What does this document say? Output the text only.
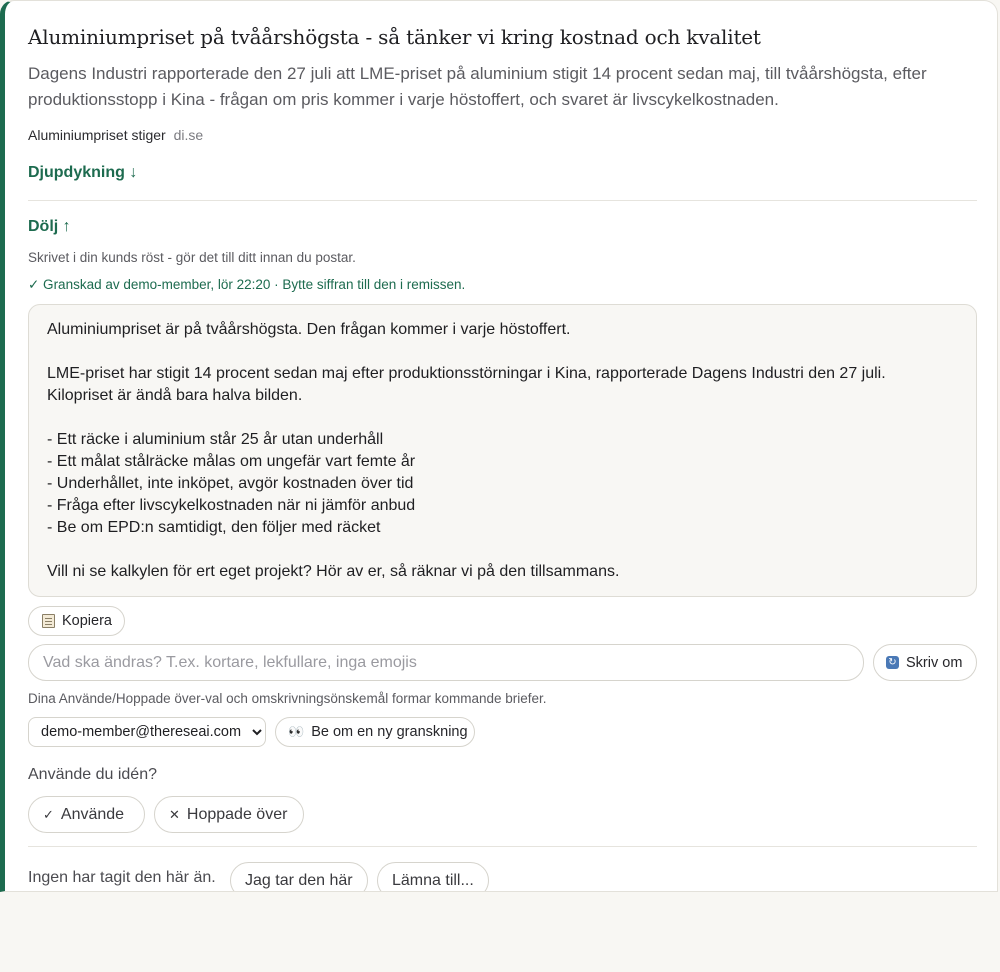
Aluminiumpriset på tvåårshögsta - så tänker vi kring kostnad och kvalitet
Dagens Industri rapporterade den 27 juli att LME-priset på aluminium stigit 14 procent sedan maj, till tvåårshögsta, efter produktionsstopp i Kina - frågan om pris kommer i varje höstoffert, och svaret är livscykelkostnaden.
Aluminiumpriset stiger di.se
Djupdykning ↓
Dölj ↑
Skrivet i din kunds röst - gör det till ditt innan du postar.
✓ Granskad av demo-member, lör 22:20 · Bytte siffran till den i remissen.

Aluminiumpriset är på tvåårshögsta. Den frågan kommer i varje höstoffert.

LME-priset har stigit 14 procent sedan maj efter produktionsstörningar i Kina, rapporterade Dagens Industri den 27 juli.

Kilopriset är ändå bara halva bilden.

- Ett räcke i aluminium står 25 år utan underhåll

- Ett målat stålräcke målas om ungefär vart femte år

- Underhållet, inte inköpet, avgör kostnaden över tid

- Fråga efter livscykelkostnaden när ni jämför anbud

- Be om EPD:n samtidigt, den följer med räcket

Vill ni se kalkylen för ert eget projekt? Hör av er, så räknar vi på den tillsammans.

Kopiera
Vad ska ändras? T.ex. kortare, lekfullare, inga emojis
↻ Skriv om
Dina Använde/Hoppade över-val och omskrivningsönskemål formar kommande briefer.
demo-member@thereseai.com
👀 Be om en ny granskning
Använde du idén?
✓ Använde	✕ Hoppade över
Ingen har tagit den här än.	Jag tar den här	Lämna till...
